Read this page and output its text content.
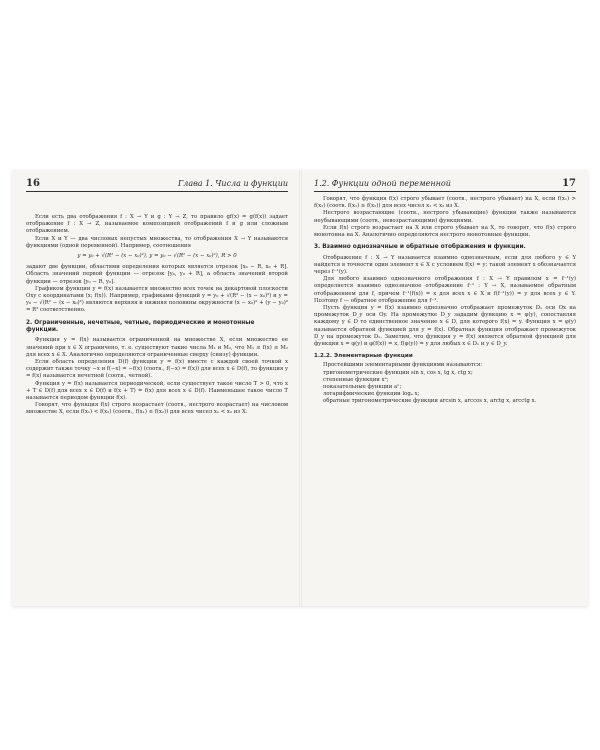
16	Глава 1. Числа и функции

Если есть два отображения f : X → Y и g : Y → Z, то правило gf(x) = g(f(x)) задает отображение f : X → Z, называемое композицией отображений f и g или сложным отображением.

Если X и Y — два числовых непустых множества, то отображения X → Y называются функциями (одной переменной). Например, соотношения

y = y₀ + √(R² − (x − x₀)²), y = y₀ − √(R² − (x − x₀)²), R > 0

задают две функции, областями определения которых является отрезок [x₀ − R, x₀ + R]. Область значений первой функции — отрезок [y₀, y₀ + R], а область значений второй функции — отрезок [y₀ − R, y₀].

Графиком функции y = f(x) называется множество всех точек на декартовой плоскости Oxy с координатами (x; f(x)). Например, графиками функций y = y₀ + √(R² − (x − x₀)²) и y = y₀ − √(R² − (x − x₀)²) являются верхняя и нижняя половины окружности (x − x₀)² + (y − y₀)² = R² соответственно.

2. Ограниченные, нечетные, четные, периодические и монотонные функции.

Функция y = f(x) называется ограниченной на множестве X, если множество ее значений при x ∈ X ограничено, т. е. существуют такие числа M₁ и M₂, что M₁ ≤ f(x) ≤ M₂ для всех x ∈ X. Аналогично определяются ограниченные сверху (снизу) функции.

Если область определения D(f) функции y = f(x) вместе с каждой своей точкой x содержит также точку −x и f(−x) = −f(x) (соотв., f(−x) = f(x)) для всех x ∈ D(f), то функция y = f(x) называется нечетной (соотв., четной).

Функция y = f(x) называется периодической, если существует такое число T > 0, что x + T ∈ D(f) для всех x ∈ D(f) и f(x + T) = f(x) для всех x ∈ D(f). Наименьшее такое число T называется периодом функции f(x).

Говорят, что функция f(x) строго возрастает (соотв., нестрого возрастает) на числовом множестве X, если f(x₁) < f(x₂) (соотв., f(x₁) ≤ f(x₂)) для всех чисел x₁ < x₂ из X.

1.2. Функции одной переменной	17

Говорят, что функция f(x) строго убывает (соотв., нестрого убывает) на X, если f(x₁) > f(x₂) (соотв. f(x₁) ≥ f(x₂)) для всех чисел x₁ < x₂ из X.

Нестрого возрастающие (соотв., нестрого убывающие) функции также называются неубывающими (соотв., невозрастающими) функциями.

Если f(x) строго возрастает на X или строго убывает на X, то говорят, что f(x) строго монотонна на X. Аналогично определяются нестрого монотонные функции.

3. Взаимно однозначные и обратные отображения и функции.

Отображение f : X → Y называется взаимно однозначным, если для любого y ∈ Y найдется в точности один элемент x ∈ X с условием f(x) = y; такой элемент x обозначается через f⁻¹(y).

Для любого взаимно однозначного отображения f : X → Y правилом x = f⁻¹(y) определяется взаимно однозначное отображение f⁻¹ : Y → X, называемое обратным отображением для f, причем f⁻¹(f(x)) = x для всех x ∈ X и f(f⁻¹(y)) = y для всех y ∈ Y. Поэтому f — обратное отображение для f⁻¹.

Пусть функция y = f(x) взаимно однозначно отображает промежуток Dₓ оси Ox на промежуток D_y оси Oy. На промежутке D_y зададим функцию x = φ(y), сопоставляя каждому y ∈ D то единственное значение x ∈ D, для которого f(x) = y. Функция x = φ(y) называется обратной функцией для y = f(x). Обратная функция отображает промежуток D_y на промежуток Dₓ. Заметим, что функция y = f(x) является обратной функцией для функции x = φ(y) и φ(f(x)) = x, f(φ(y)) = y для любых x ∈ Dₓ и y ∈ D_y.

1.2.2. Элементарные функции

Простейшими элементарными функциями называются:

тригонометрические функции sin x, cos x, tg x, ctg x;
степенные функции xᵃ;
показательные функции aˣ;
логарифмические функции logₐ x;
обратные тригонометрические функции arcsin x, arccos x, arctg x, arcctg x.
